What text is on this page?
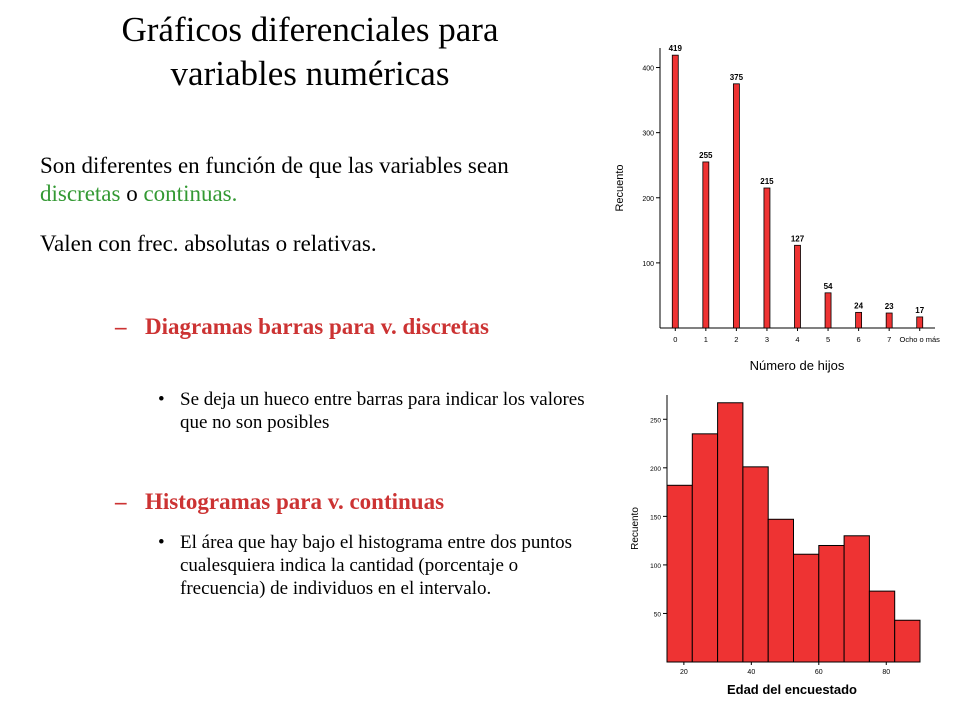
Gráficos diferenciales para
variables numéricas
Son diferentes en función de que las variables sean discretas o continuas.
Valen con frec. absolutas o relativas.
– Diagramas barras para v. discretas
• Se deja un hueco entre barras para indicar los valores que no son posibles
– Histogramas para v. continuas
• El área que hay bajo el histograma entre dos puntos cualesquiera indica la cantidad (porcentaje o frecuencia) de individuos en el intervalo.
100
200
300
400
419
0
255
1
375
2
215
3
127
4
54
5
24
6
23
7
17
Ocho o más
Número de hijos
Recuento
50
100
150
200
250
20	40	60	80
Edad del encuestado
Recuento
